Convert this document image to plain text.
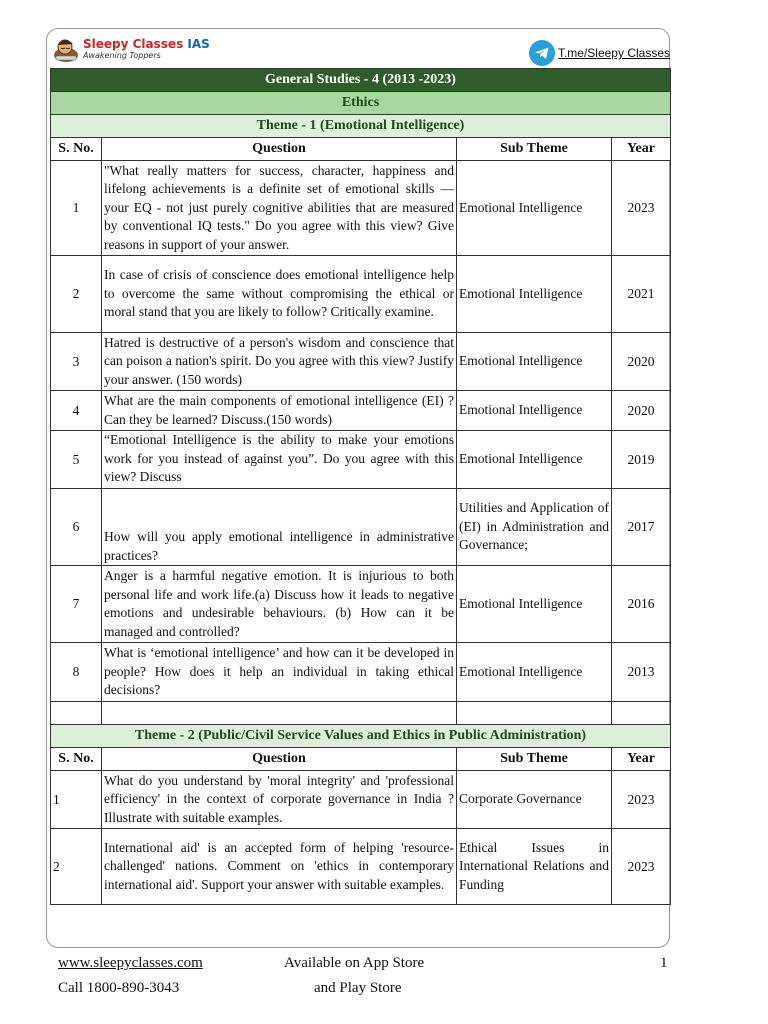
Sleepy Classes IAS
Awakening Toppers	T.me/Sleepy Classes
General Studies - 4 (2013 -2023)			
Ethics			
Theme - 1 (Emotional Intelligence)			
S. No.	Question	Sub Theme	Year
1	"What really matters for success, character, happiness and lifelong achievements is a definite set of emotional skills — your EQ - not just purely cognitive abilities that are measured by conventional IQ tests." Do you agree with this view? Give reasons in support of your answer.	Emotional Intelligence	2023
2	In case of crisis of conscience does emotional intelligence help to overcome the same without compromising the ethical or moral stand that you are likely to follow? Critically examine.	Emotional Intelligence	2021
3	Hatred is destructive of a person's wisdom and conscience that can poison a nation's spirit. Do you agree with this view? Justify your answer. (150 words)	Emotional Intelligence	2020
4	What are the main components of emotional intelligence (EI) ? Can they be learned? Discuss.(150 words)	Emotional Intelligence	2020
5	“Emotional Intelligence is the ability to make your emotions work for you instead of against you”. Do you agree with this view? Discuss	Emotional Intelligence	2019
6	How will you apply emotional intelligence in administrative practices?	Utilities and Application of (EI) in Administration and Governance;	2017
7	Anger is a harmful negative emotion. It is injurious to both personal life and work life.(a) Discuss how it leads to negative emotions and undesirable behaviours. (b) How can it be managed and controlled?	Emotional Intelligence	2016
8	What is ‘emotional intelligence’ and how can it be developed in people? How does it help an individual in taking ethical decisions?	Emotional Intelligence	2013

Theme - 2 (Public/Civil Service Values and Ethics in Public Administration)			
S. No.	Question	Sub Theme	Year
1	What do you understand by 'moral integrity' and 'professional efficiency' in the context of corporate governance in India ? Illustrate with suitable examples.	Corporate Governance	2023
2	International aid' is an accepted form of helping 'resource-challenged' nations. Comment on 'ethics in contemporary international aid'. Support your answer with suitable examples.	Ethical Issues in International Relations and Funding	2023
www.sleepyclasses.com
Call 1800-890-3043
Available on App Store
and Play Store
1
